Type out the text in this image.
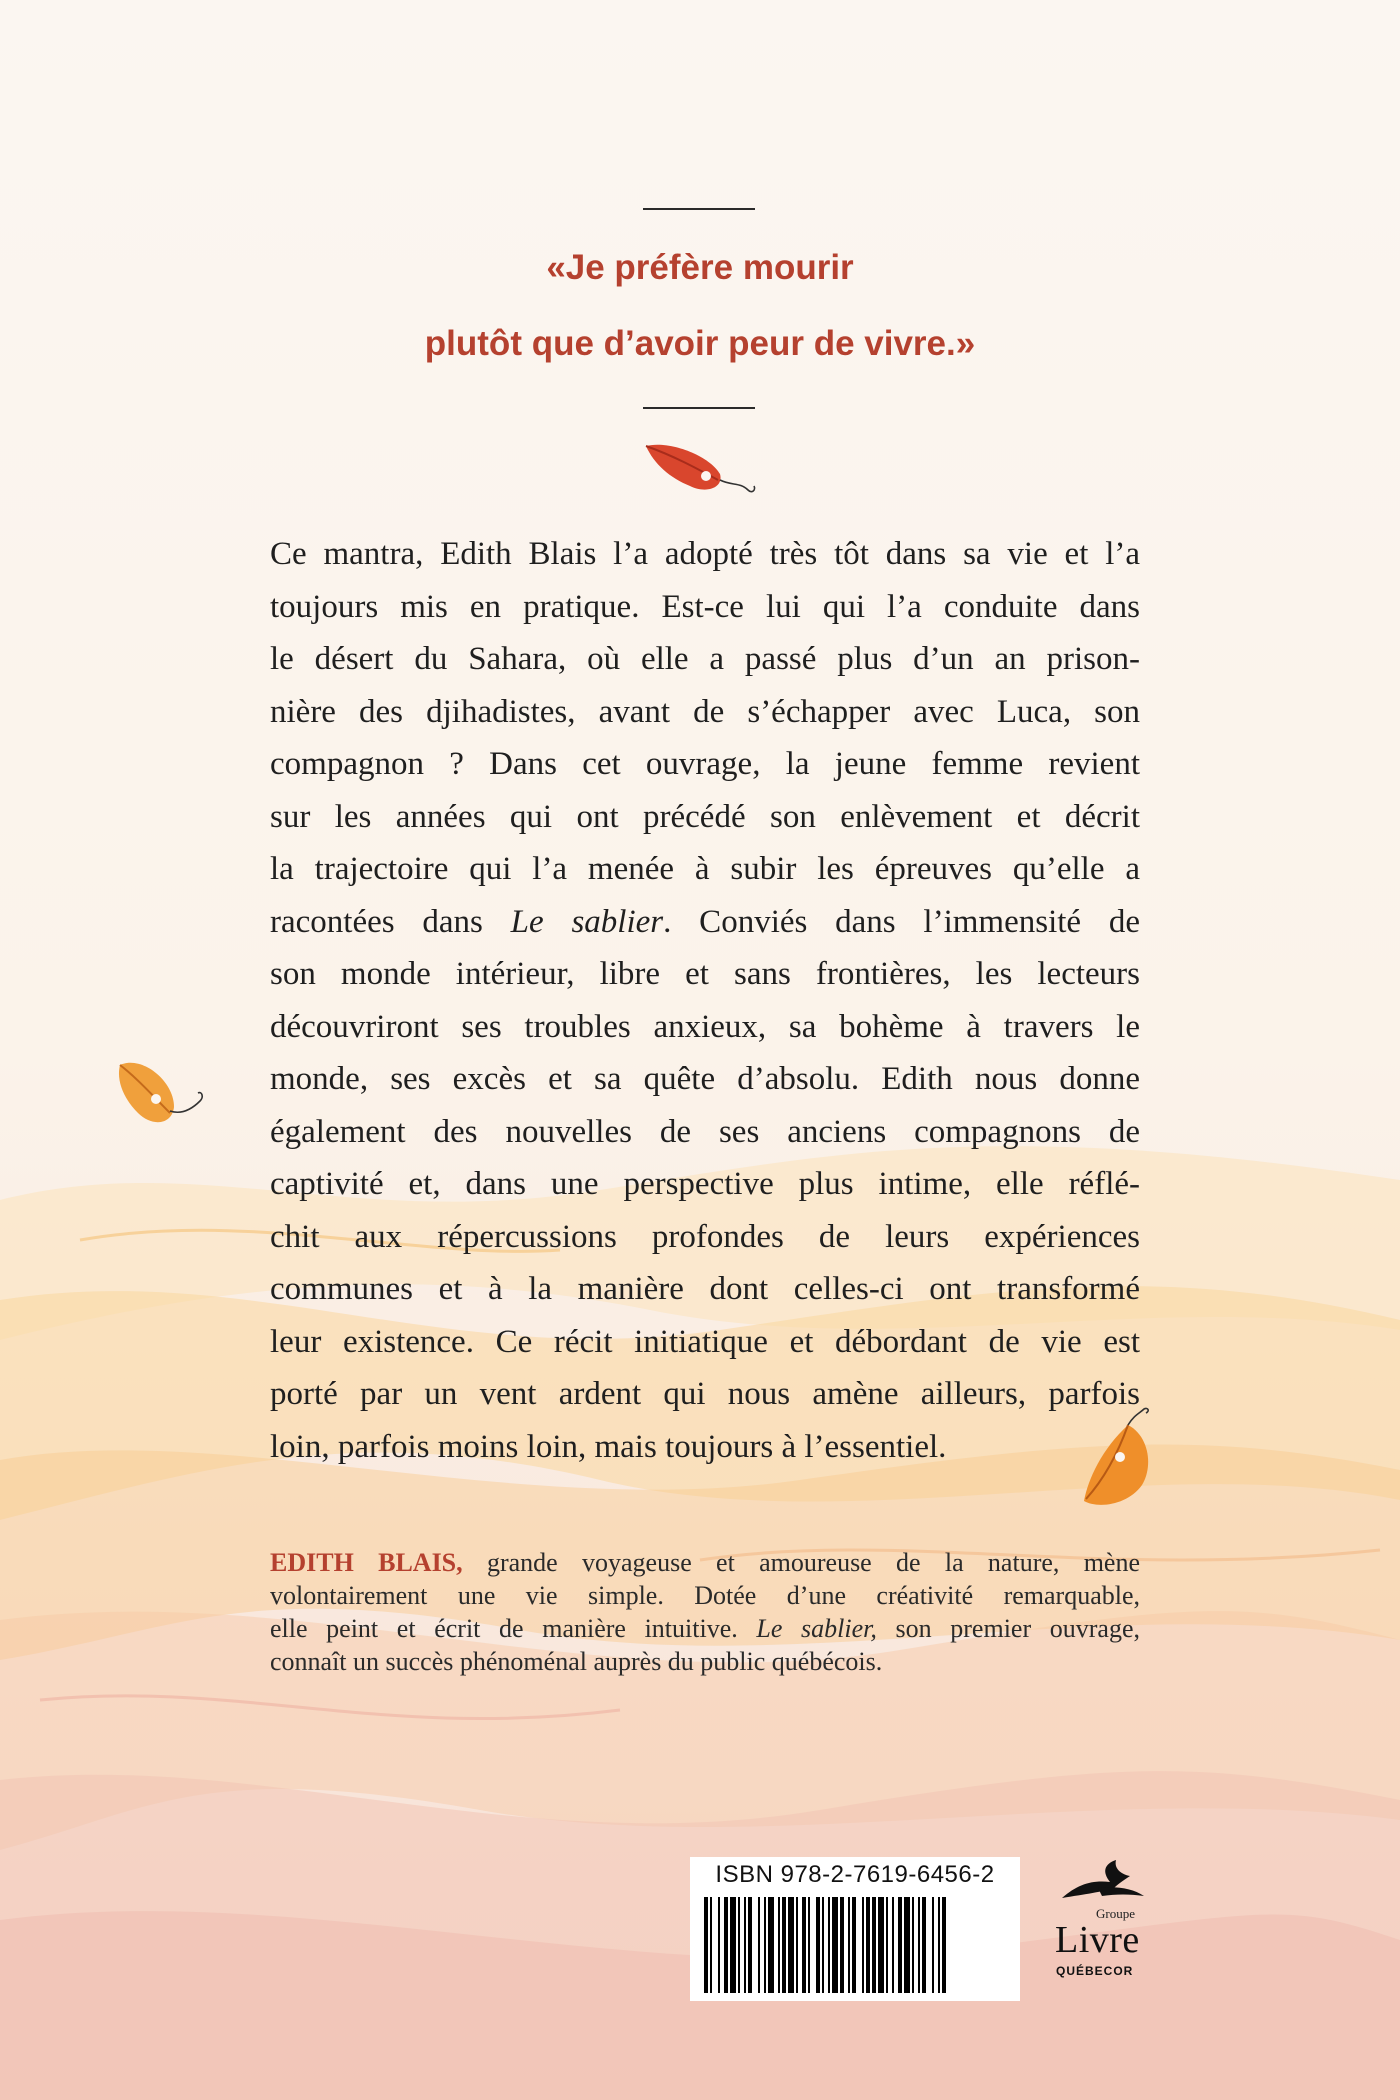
«Je préfère mourir
plutôt que d’avoir peur de vivre.»

Ce mantra, Edith Blais l’a adopté très tôt dans sa vie et l’a
toujours mis en pratique. Est-ce lui qui l’a conduite dans
le désert du Sahara, où elle a passé plus d’un an prison-
nière des djihadistes, avant de s’échapper avec Luca, son
compagnon ? Dans cet ouvrage, la jeune femme revient
sur les années qui ont précédé son enlèvement et décrit
la trajectoire qui l’a menée à subir les épreuves qu’elle a
racontées dans Le sablier. Conviés dans l’immensité de
son monde intérieur, libre et sans frontières, les lecteurs
découvriront ses troubles anxieux, sa bohème à travers le
monde, ses excès et sa quête d’absolu. Edith nous donne
également des nouvelles de ses anciens compagnons de
captivité et, dans une perspective plus intime, elle réflé-
chit aux répercussions profondes de leurs expériences
communes et à la manière dont celles-ci ont transformé
leur existence. Ce récit initiatique et débordant de vie est
porté par un vent ardent qui nous amène ailleurs, parfois
loin, parfois moins loin, mais toujours à l’essentiel.

EDITH BLAIS, grande voyageuse et amoureuse de la nature, mène
volontairement une vie simple. Dotée d’une créativité remarquable,
elle peint et écrit de manière intuitive. Le sablier, son premier ouvrage,
connaît un succès phénoménal auprès du public québécois.

ISBN 978-2-7619-6456-2
Groupe
Livre
QUÉBECOR
